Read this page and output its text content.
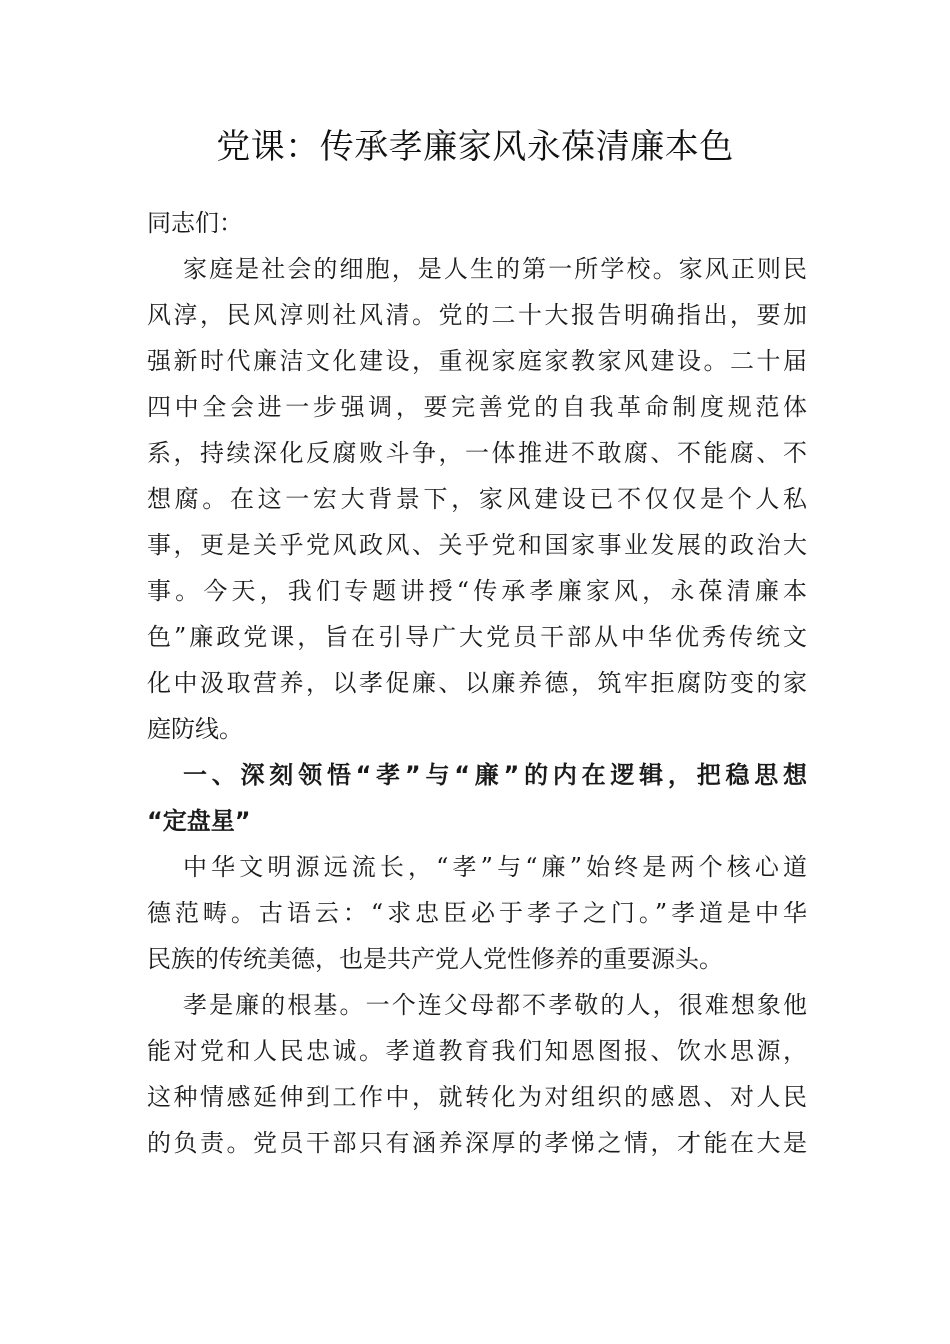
党课：传承孝廉家风永葆清廉本色
同志们：
家庭是社会的细胞，是人生的第一所学校。家风正则民
风淳，民风淳则社风清。党的二十大报告明确指出，要加
强新时代廉洁文化建设，重视家庭家教家风建设。二十届
四中全会进一步强调，要完善党的自我革命制度规范体
系，持续深化反腐败斗争，一体推进不敢腐、不能腐、不
想腐。在这一宏大背景下，家风建设已不仅仅是个人私
事，更是关乎党风政风、关乎党和国家事业发展的政治大
事。今天，我们专题讲授“传承孝廉家风，永葆清廉本
色”廉政党课，旨在引导广大党员干部从中华优秀传统文
化中汲取营养，以孝促廉、以廉养德，筑牢拒腐防变的家
庭防线。
一、深刻领悟“孝”与“廉”的内在逻辑，把稳思想
“定盘星”
中华文明源远流长，“孝”与“廉”始终是两个核心道
德范畴。古语云：“求忠臣必于孝子之门。”孝道是中华
民族的传统美德，也是共产党人党性修养的重要源头。
孝是廉的根基。一个连父母都不孝敬的人，很难想象他
能对党和人民忠诚。孝道教育我们知恩图报、饮水思源，
这种情感延伸到工作中，就转化为对组织的感恩、对人民
的负责。党员干部只有涵养深厚的孝悌之情，才能在大是
